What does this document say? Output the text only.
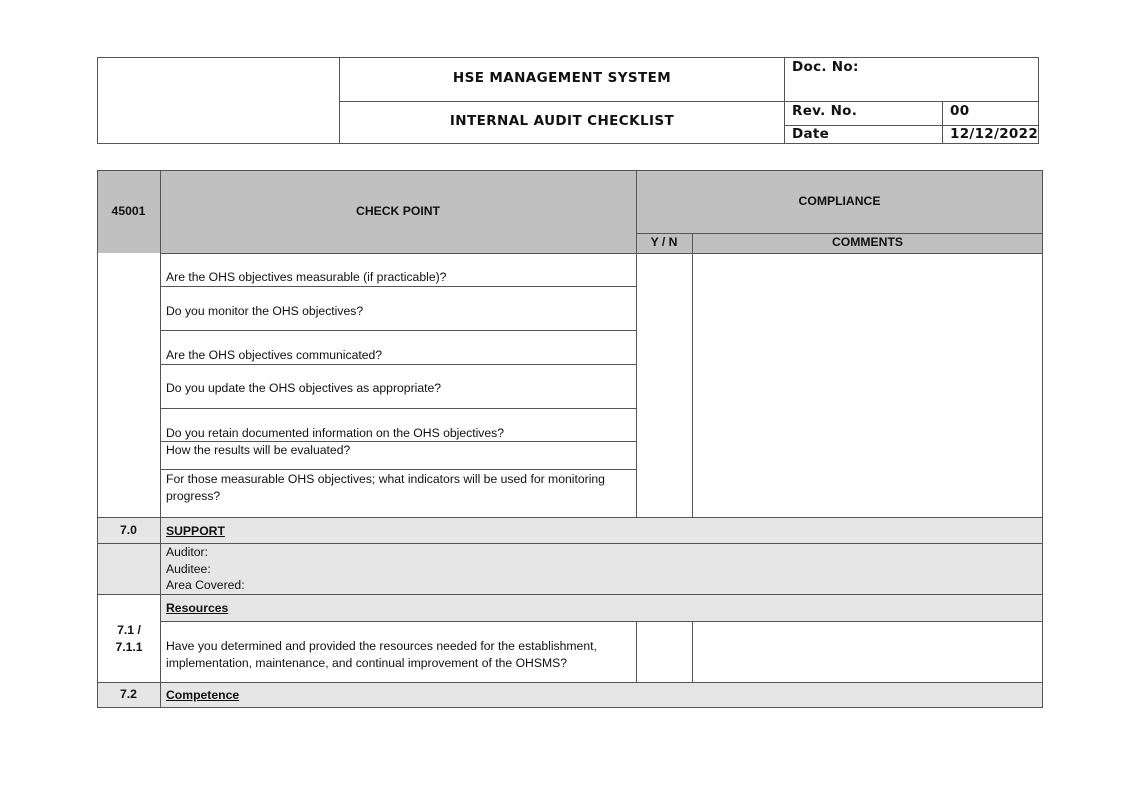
HSE MANAGEMENT SYSTEM
INTERNAL AUDIT CHECKLIST
Doc. No:
Rev. No.	00
Date	12/12/2022
45001	CHECK POINT
COMPLIANCE
Y / N	COMMENTS
Are the OHS objectives measurable (if practicable)?
Do you monitor the OHS objectives?
Are the OHS objectives communicated?
Do you update the OHS objectives as appropriate?
Do you retain documented information on the OHS objectives?
How the results will be evaluated?
For those measurable OHS objectives; what indicators will be used for monitoring progress?
7.0	SUPPORT
Auditor:
Auditee:
Area Covered:
Resources
7.1 / 7.1.1	Have you determined and provided the resources needed for the establishment, implementation, maintenance, and continual improvement of the OHSMS?
7.2	Competence
